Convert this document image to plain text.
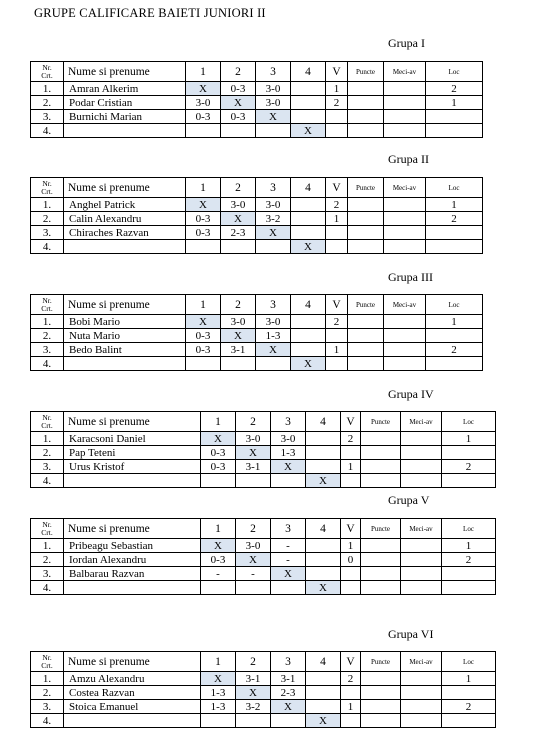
GRUPE CALIFICARE BAIETI JUNIORI II
Grupa I
Nr.
Crt.	Nume si prenume	1	2	3	4	V	Puncte	Meci-av	Loc
1.	Amran Alkerim	X	0-3	3-0		1			2
2.	Podar Cristian	3-0	X	3-0		2			1
3.	Burnichi Marian	0-3	0-3	X					
4.					X				
Grupa II
Nr.
Crt.	Nume si prenume	1	2	3	4	V	Puncte	Meci-av	Loc
1.	Anghel Patrick	X	3-0	3-0		2			1
2.	Calin Alexandru	0-3	X	3-2		1			2
3.	Chiraches Razvan	0-3	2-3	X					
4.					X				
Grupa III
Nr.
Crt.	Nume si prenume	1	2	3	4	V	Puncte	Meci-av	Loc
1.	Bobi Mario	X	3-0	3-0		2			1
2.	Nuta Mario	0-3	X	1-3					
3.	Bedo Balint	0-3	3-1	X		1			2
4.					X				
Grupa IV
Nr.
Crt.	Nume si prenume	1	2	3	4	V	Puncte	Meci-av	Loc
1.	Karacsoni Daniel	X	3-0	3-0		2			1
2.	Pap Teteni	0-3	X	1-3					
3.	Urus Kristof	0-3	3-1	X		1			2
4.					X				
Grupa V
Nr.
Crt.	Nume si prenume	1	2	3	4	V	Puncte	Meci-av	Loc
1.	Pribeagu Sebastian	X	3-0	-		1			1
2.	Iordan Alexandru	0-3	X	-		0			2
3.	Balbarau Razvan	-	-	X					
4.					X				
Grupa VI
Nr.
Crt.	Nume si prenume	1	2	3	4	V	Puncte	Meci-av	Loc
1.	Amzu Alexandru	X	3-1	3-1		2			1
2.	Costea Razvan	1-3	X	2-3					
3.	Stoica Emanuel	1-3	3-2	X		1			2
4.					X				
